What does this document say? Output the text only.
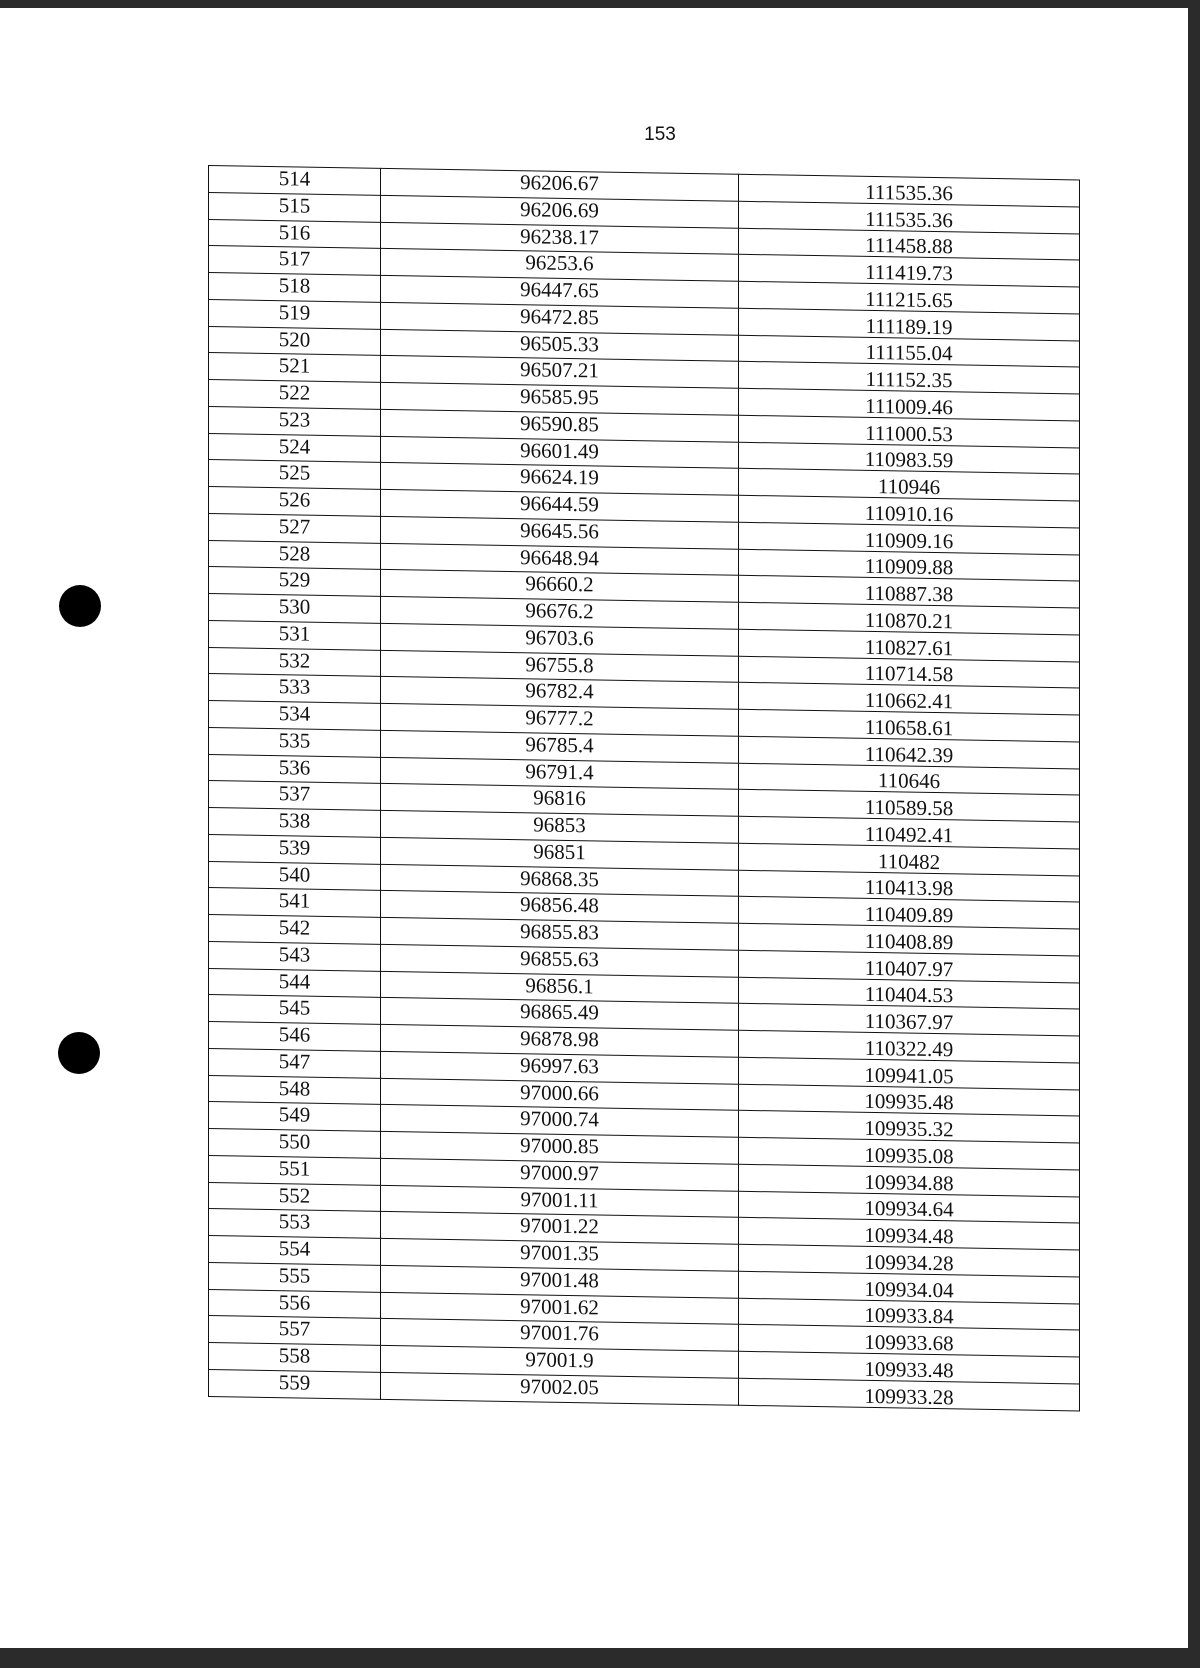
153
514	96206.67	111535.36
515	96206.69	111535.36
516	96238.17	111458.88
517	96253.6	111419.73
518	96447.65	111215.65
519	96472.85	111189.19
520	96505.33	111155.04
521	96507.21	111152.35
522	96585.95	111009.46
523	96590.85	111000.53
524	96601.49	110983.59
525	96624.19	110946
526	96644.59	110910.16
527	96645.56	110909.16
528	96648.94	110909.88
529	96660.2	110887.38
530	96676.2	110870.21
531	96703.6	110827.61
532	96755.8	110714.58
533	96782.4	110662.41
534	96777.2	110658.61
535	96785.4	110642.39
536	96791.4	110646
537	96816	110589.58
538	96853	110492.41
539	96851	110482
540	96868.35	110413.98
541	96856.48	110409.89
542	96855.83	110408.89
543	96855.63	110407.97
544	96856.1	110404.53
545	96865.49	110367.97
546	96878.98	110322.49
547	96997.63	109941.05
548	97000.66	109935.48
549	97000.74	109935.32
550	97000.85	109935.08
551	97000.97	109934.88
552	97001.11	109934.64
553	97001.22	109934.48
554	97001.35	109934.28
555	97001.48	109934.04
556	97001.62	109933.84
557	97001.76	109933.68
558	97001.9	109933.48
559	97002.05	109933.28
